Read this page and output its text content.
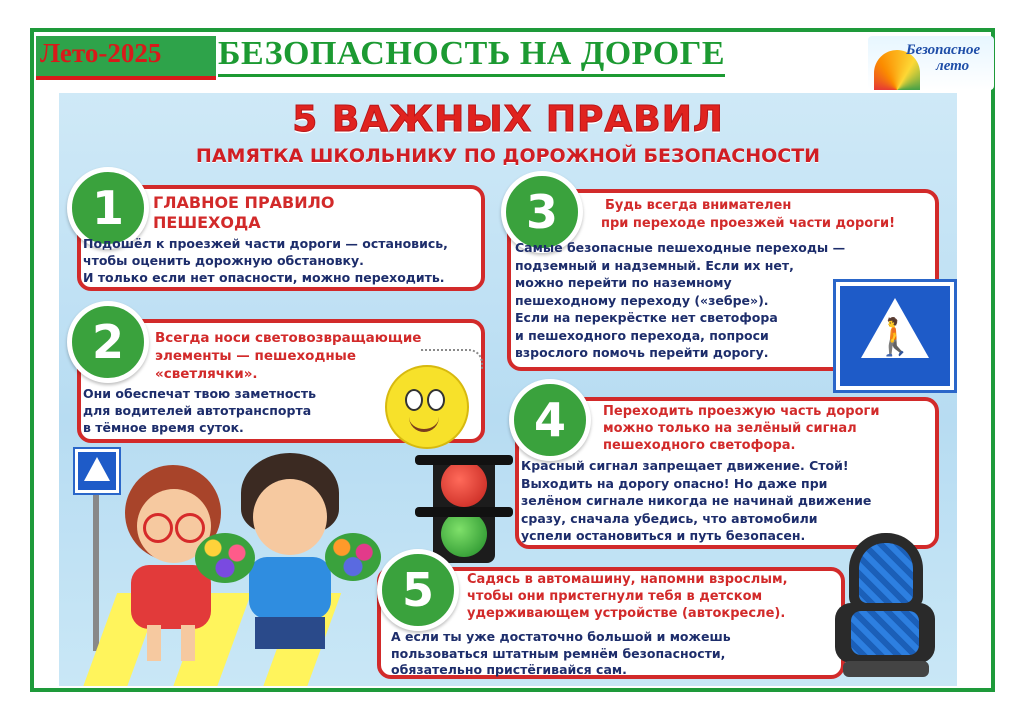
Лето-2025 БЕЗОПАСНОСТЬ НА ДОРОГЕ	Безопасное
лето
5 ВАЖНЫХ ПРАВИЛ
ПАМЯТКА ШКОЛЬНИКУ ПО ДОРОЖНОЙ БЕЗОПАСНОСТИ
1	ГЛАВНОЕ ПРАВИЛО
ПЕШЕХОДА
Подошёл к проезжей части дороги — остановись,
чтобы оценить дорожную обстановку.
И только если нет опасности, можно переходить.
2	Всегда носи световозвращающие
элементы — пешеходные
«светлячки».
Они обеспечат твою заметность
для водителей автотранспорта
в тёмное время суток.
3	Будь всегда внимателен
при переходе проезжей части дороги!
Самые безопасные пешеходные переходы —
подземный и надземный. Если их нет,
можно перейти по наземному
пешеходному переходу («зебре»).
Если на перекрёстке нет светофора
и пешеходного перехода, попроси
взрослого помочь перейти дорогу.	🚶
4	Переходить проезжую часть дороги
можно только на зелёный сигнал
пешеходного светофора.
Красный сигнал запрещает движение. Стой!
Выходить на дорогу опасно! Но даже при
зелёном сигнале никогда не начинай движение
сразу, сначала убедись, что автомобили
успели остановиться и путь безопасен.
5	Садясь в автомашину, напомни взрослым,
чтобы они пристегнули тебя в детском
удерживающем устройстве (автокресле).
А если ты уже достаточно большой и можешь
пользоваться штатным ремнём безопасности,
обязательно пристёгивайся сам.
